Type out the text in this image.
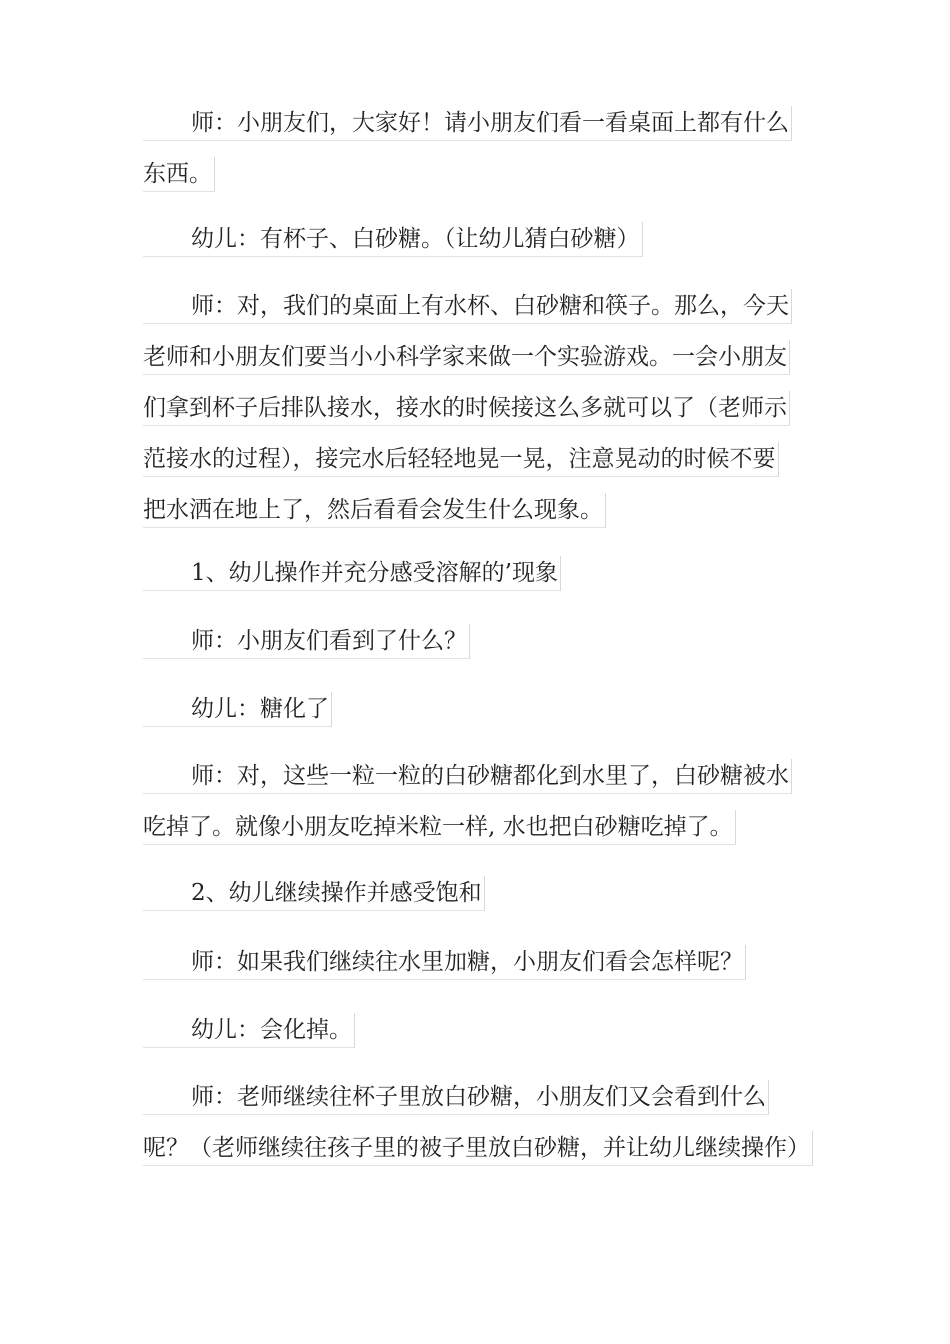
师：小朋友们，大家好！请小朋友们看一看桌面上都有什么
东西。
幼儿：有杯子、白砂糖。（让幼儿猜白砂糖）
师：对，我们的桌面上有水杯、白砂糖和筷子。那么，今天
老师和小朋友们要当小小科学家来做一个实验游戏。一会小朋友
们拿到杯子后排队接水，接水的时候接这么多就可以了（老师示
范接水的过程），接完水后轻轻地晃一晃，注意晃动的时候不要
把水洒在地上了，然后看看会发生什么现象。
1、幼儿操作并充分感受溶解的’现象
师：小朋友们看到了什么？
幼儿：糖化了
师：对，这些一粒一粒的白砂糖都化到水里了，白砂糖被水
吃掉了。就像小朋友吃掉米粒一样, 水也把白砂糖吃掉了。
2、幼儿继续操作并感受饱和
师：如果我们继续往水里加糖，小朋友们看会怎样呢？
幼儿：会化掉。
师：老师继续往杯子里放白砂糖，小朋友们又会看到什么
呢？（老师继续往孩子里的被子里放白砂糖，并让幼儿继续操作）
